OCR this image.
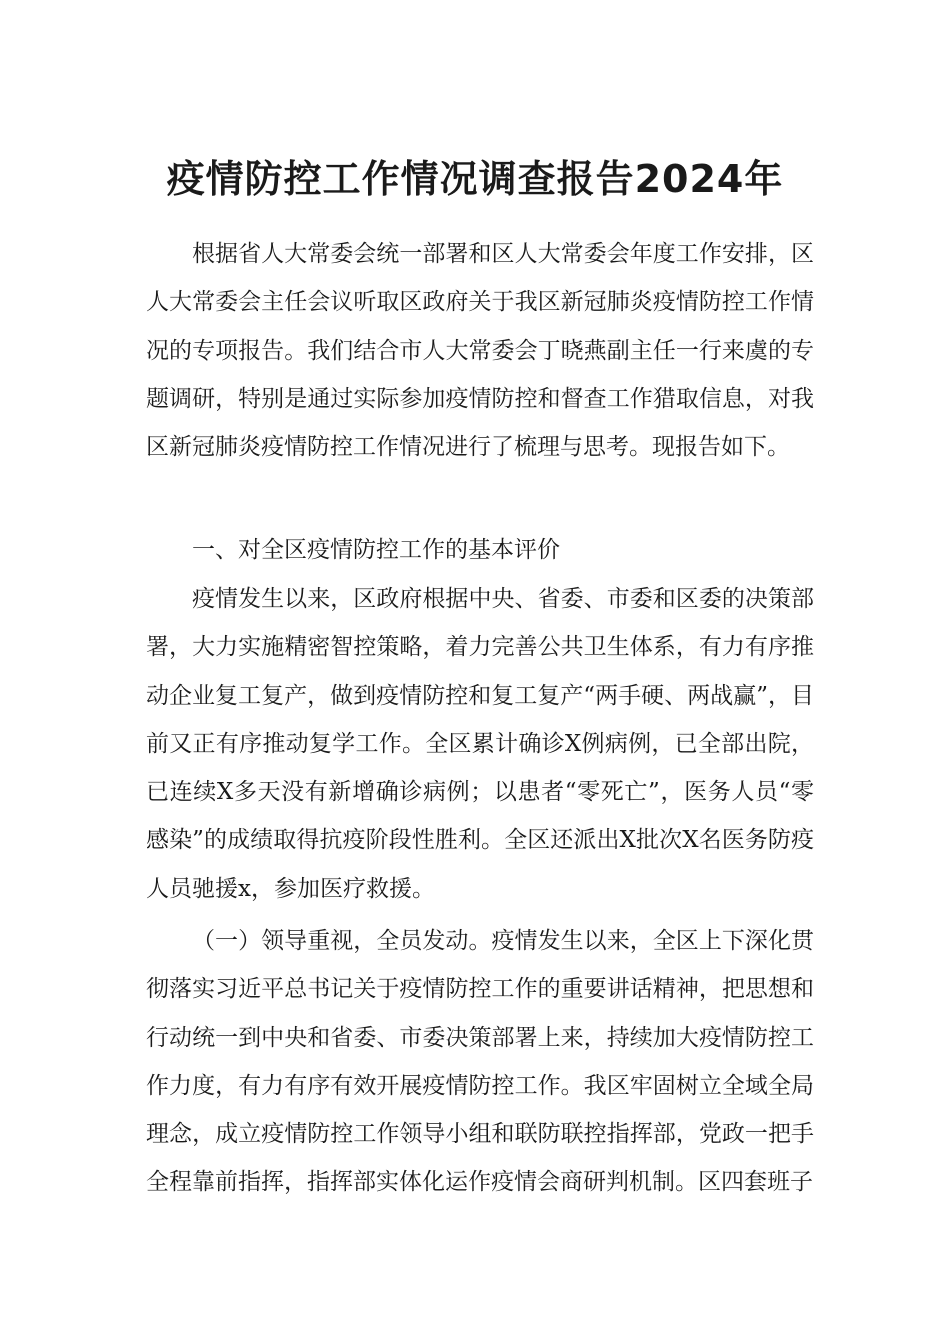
疫情防控工作情况调查报告2024年

根据省人大常委会统一部署和区人大常委会年度工作安排，区人大常委会主任会议听取区政府关于我区新冠肺炎疫情防控工作情况的专项报告。我们结合市人大常委会丁晓燕副主任一行来虞的专题调研，特别是通过实际参加疫情防控和督查工作猎取信息，对我区新冠肺炎疫情防控工作情况进行了梳理与思考。现报告如下。

一、对全区疫情防控工作的基本评价

疫情发生以来，区政府根据中央、省委、市委和区委的决策部署，大力实施精密智控策略，着力完善公共卫生体系，有力有序推动企业复工复产，做到疫情防控和复工复产“两手硬、两战赢”，目前又正有序推动复学工作。全区累计确诊X例病例，已全部出院，已连续X多天没有新增确诊病例；以患者“零死亡”，医务人员“零感染”的成绩取得抗疫阶段性胜利。全区还派出X批次X名医务防疫人员驰援x，参加医疗救援。

（一）领导重视，全员发动。疫情发生以来，全区上下深化贯彻落实习近平总书记关于疫情防控工作的重要讲话精神，把思想和行动统一到中央和省委、市委决策部署上来，持续加大疫情防控工作力度，有力有序有效开展疫情防控工作。我区牢固树立全域全局理念，成立疫情防控工作领导小组和联防联控指挥部，党政一把手全程靠前指挥，指挥部实体化运作疫情会商研判机制。区四套班子
